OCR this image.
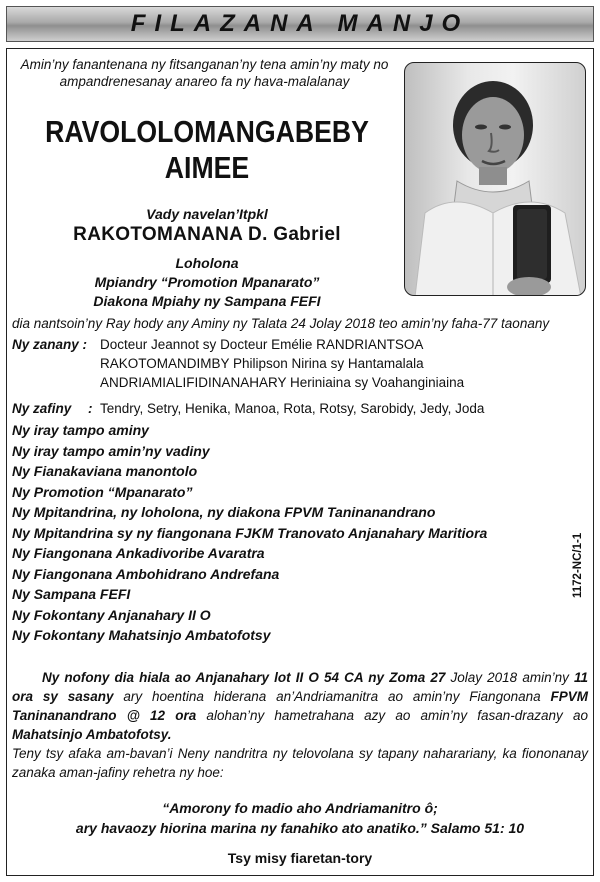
FILAZANA MANJO
Amin’ny fanantenana ny fitsanganan’ny tena amin’ny maty no
ampandrenesanay anareo fa ny hava-malalanay
RAVOLOLOMANGABEBY
AIMEE
Vady navelan’Itpkl
RAKOTOMANANA D. Gabriel
Loholona
Mpiandry “Promotion Mpanarato”
Diakona Mpiahy ny Sampana FEFI
dia nantsoin’ny Ray hody any Aminy ny Talata 24 Jolay 2018 teo amin’ny faha-77 taonany
Ny zanany : Docteur Jeannot sy Docteur Emélie RANDRIANTSOA
RAKOTOMANDIMBY Philipson Nirina sy Hantamalala
ANDRIAMIALIFIDINANAHARY Heriniaina sy Voahanginiaina
Ny zafiny	: Tendry, Setry, Henika, Manoa, Rota, Rotsy, Sarobidy, Jedy, Joda
Ny iray tampo aminy
Ny iray tampo amin’ny vadiny
Ny Fianakaviana manontolo
Ny Promotion “Mpanarato”
Ny Mpitandrina, ny loholona, ny diakona FPVM Taninanandrano
Ny Mpitandrina sy ny fiangonana FJKM Tranovato Anjanahary Maritiora
Ny Fiangonana Ankadivoribe Avaratra
Ny Fiangonana Ambohidrano Andrefana
Ny Sampana FEFI
Ny Fokontany Anjanahary II O
Ny Fokontany Mahatsinjo Ambatofotsy
1172-NC/1-1

Ny nofony dia hiala ao Anjanahary lot II O 54 CA ny Zoma 27 Jolay 2018 amin’ny 11 ora sy sasany ary hoentina hiderana an’Andriamanitra ao amin’ny Fiangonana FPVM Taninanandrano @ 12 ora alohan’ny hametrahana azy ao amin’ny fasan-drazany ao Mahatsinjo Ambatofotsy.

Teny tsy afaka am-bavan’i Neny nandritra ny telovolana sy tapany naharariany, ka fiononanay zanaka aman-jafiny rehetra ny hoe:

“Amorony fo madio aho Andriamanitro ô;
ary havaozy hiorina marina ny fanahiko ato anatiko.” Salamo 51: 10
Tsy misy fiaretan-tory
